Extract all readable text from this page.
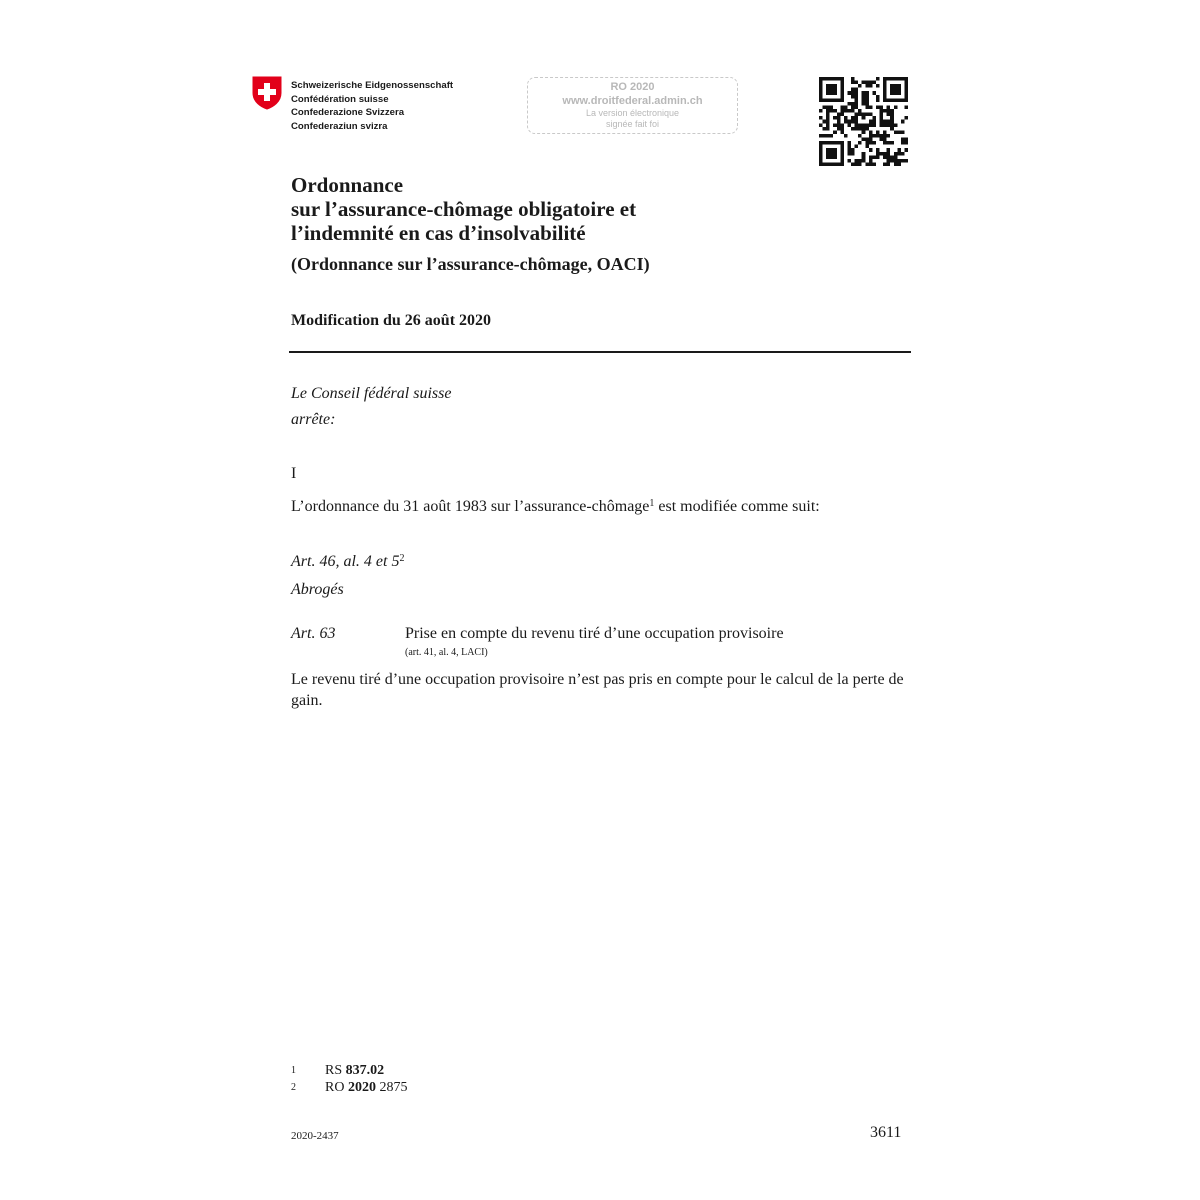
Schweizerische Eidgenossenschaft
Confédération suisse
Confederazione Svizzera
Confederaziun svizra
RO 2020
www.droitfederal.admin.ch
La version électronique
signée fait foi
Ordonnance
sur l’assurance-chômage obligatoire et
l’indemnité en cas d’insolvabilité
(Ordonnance sur l’assurance-chômage, OACI)
Modification du 26 août 2020
Le Conseil fédéral suisse
arrête:
I
L’ordonnance du 31 août 1983 sur l’assurance-chômage$^1$ est modifiée comme suit:
Art. 46, al. 4 et $5^2$
Abrogés
Art. 63	Prise en compte du revenu tiré d’une occupation provisoire
(art. 41, al. 4, LACI)
Le revenu tiré d’une occupation provisoire n’est pas pris en compte pour le calcul de la perte de gain.
1 RS 837.02
2 RO 2020 2875
2020-2437	3611
